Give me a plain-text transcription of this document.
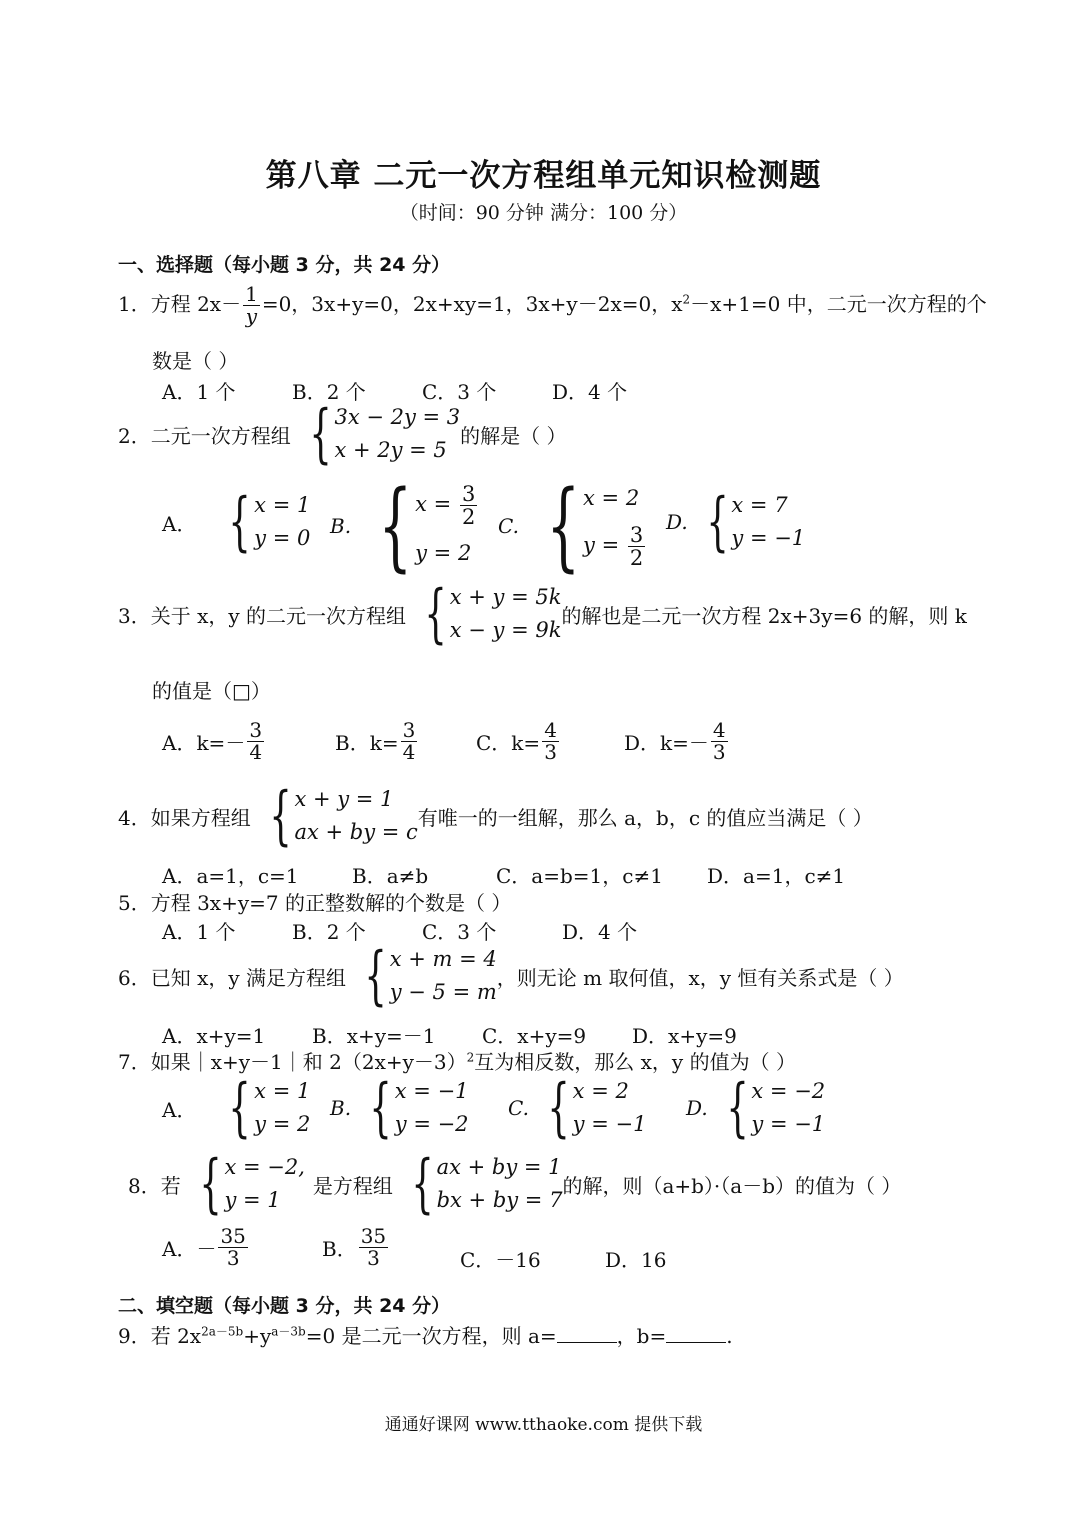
第八章 二元一次方程组单元知识检测题
（时间：90 分钟 满分：100 分）
一、选择题（每小题 3 分，共 24 分）
1．方程 $2x- \frac{1}{y} =0$，3x+y=0，2x+xy=1，3x+y－2x=0，$x^2-x+1=0$ 中，二元一次方程的个
数是（ ）
A．1 个	B．2 个	C．3 个	D．4 个
2．二元一次方程组 { 3x − 2y = 3
x + 2y = 5
的解是（ ）
A． { x = 1
y = 0 B. { $x = \frac{3}{2}$
y = 2
C. { x = 2
$y = \frac{3}{2}$
D. { x = 7
y = −1
3．关于 x，y 的二元一次方程组 { x + y = 5k
x − y = 9k
的解也是二元一次方程 2x+3y=6 的解，则 k
的值是（□）
A．$k=- \frac{3}{4}$	B．$k= \frac{3}{4}$	C．$k= \frac{4}{3}$	D．$k=- \frac{4}{3}$
4．如果方程组 { x + y = 1
ax + by = c
有唯一的一组解，那么 a，b，c 的值应当满足（ ）
A．a=1，c=1	B．a≠b	C．a=b=1，c≠1 D．a=1，c≠1
5．方程 3x+y=7 的正整数解的个数是（ ）
A．1 个	B．2 个	C．3 个	D．4 个
6．已知 x，y 满足方程组 { x + m = 4
y − 5 = m
，则无论 m 取何值，x，y 恒有关系式是（ ）
A．x+y=1 B．x+y=－1 C．x+y=9 D．x+y=9
7．如果｜x+y－1｜和 $2(2x+y-3)^2$互为相反数，那么 x，y 的值为（ ）
A． { x = 1
y = 2
B. { x = −1
y = −2
C. { x = 2
y = −1
D. { x = −2
y = −1
8．若 { x = −2,
y = 1
是方程组 { ax + by = 1
bx + by = 7
的解，则（a+b）·（a－b）的值为（ ）
A．－ $\frac{35}{3}$	B． $\frac{35}{3}$	C．－16	D．16
二、填空题（每小题 3 分，共 24 分）
9．若 $2x^{2a-5b}+y^{a-3b}=0$ 是二元一次方程，则 a=	，b=	.
通通好课网 www.tthaoke.com 提供下载
